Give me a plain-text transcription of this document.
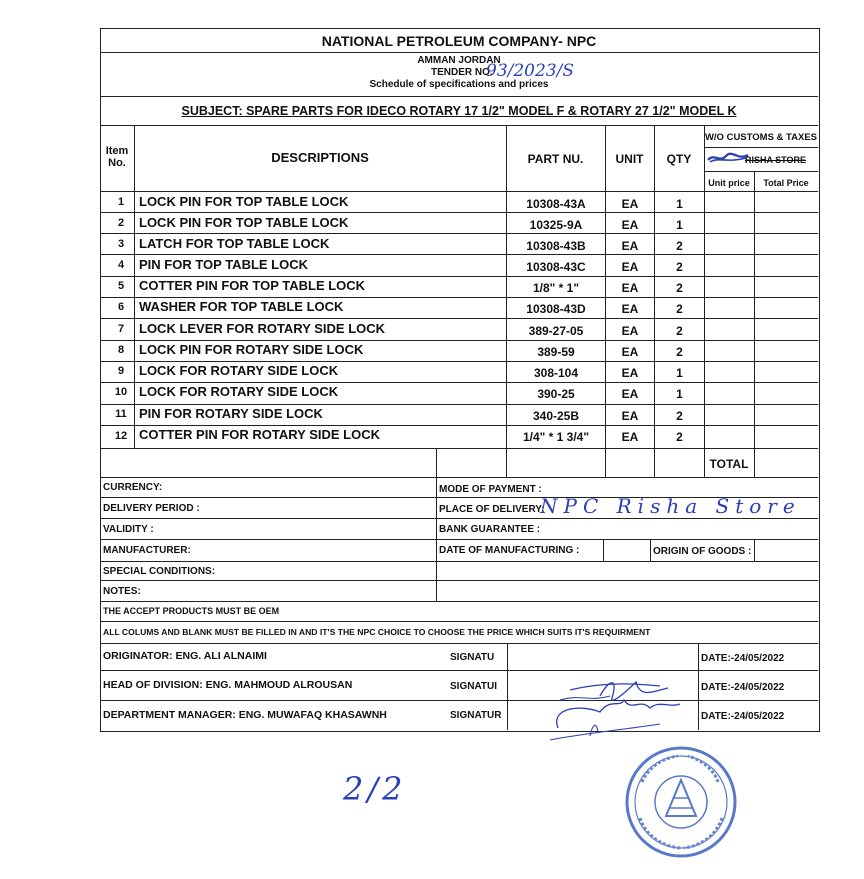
NATIONAL PETROLEUM COMPANY- NPC
AMMAN JORDAN
TENDER NO.
93/2023/S
Schedule of specifications and prices
SUBJECT: SPARE PARTS FOR IDECO ROTARY 17 1/2" MODEL F & ROTARY 27 1/2" MODEL K
Item
No.	DESCRIPTIONS	PART NU.	UNIT	QTY
W/O CUSTOMS & TAXES
RISHA STORE
Unit price	Total Price
1	LOCK PIN FOR TOP TABLE LOCK	10308-43A	EA	1
2	LOCK PIN FOR TOP TABLE LOCK	10325-9A	EA	1
3	LATCH FOR TOP TABLE LOCK	10308-43B	EA	2
4	PIN FOR TOP TABLE LOCK	10308-43C	EA	2
5	COTTER PIN FOR TOP TABLE LOCK	1/8" * 1"	EA	2
6	WASHER FOR TOP TABLE LOCK	10308-43D	EA	2
7	LOCK LEVER FOR ROTARY SIDE LOCK	389-27-05	EA	2
8	LOCK PIN FOR ROTARY SIDE LOCK	389-59	EA	2
9	LOCK FOR ROTARY SIDE LOCK	308-104	EA	1
10 LOCK FOR ROTARY SIDE LOCK	390-25	EA	1
11 PIN FOR ROTARY SIDE LOCK	340-25B	EA	2
12 COTTER PIN FOR ROTARY SIDE LOCK	1/4" * 1 3/4"	EA	2
TOTAL
CURRENCY:	MODE OF PAYMENT :
DELIVERY PERIOD :	PLACE OF DELIVERY:
NPC Risha Store
VALIDITY :	BANK GUARANTEE :
MANUFACTURER:	DATE OF MANUFACTURING :	ORIGIN OF GOODS :
SPECIAL CONDITIONS:
NOTES:
THE ACCEPT PRODUCTS MUST BE OEM
ALL COLUMS AND BLANK MUST BE FILLED IN AND IT'S THE NPC CHOICE TO CHOOSE THE PRICE WHICH SUITS IT'S REQUIRMENT
ORIGINATOR: ENG. ALI ALNAIMI	SIGNATU	DATE:-24/05/2022
HEAD OF DIVISION: ENG. MAHMOUD ALROUSAN	SIGNATUI	DATE:-24/05/2022
DEPARTMENT MANAGER: ENG. MUWAFAQ KHASAWNH	SIGNATUR	DATE:-24/05/2022
2/2
